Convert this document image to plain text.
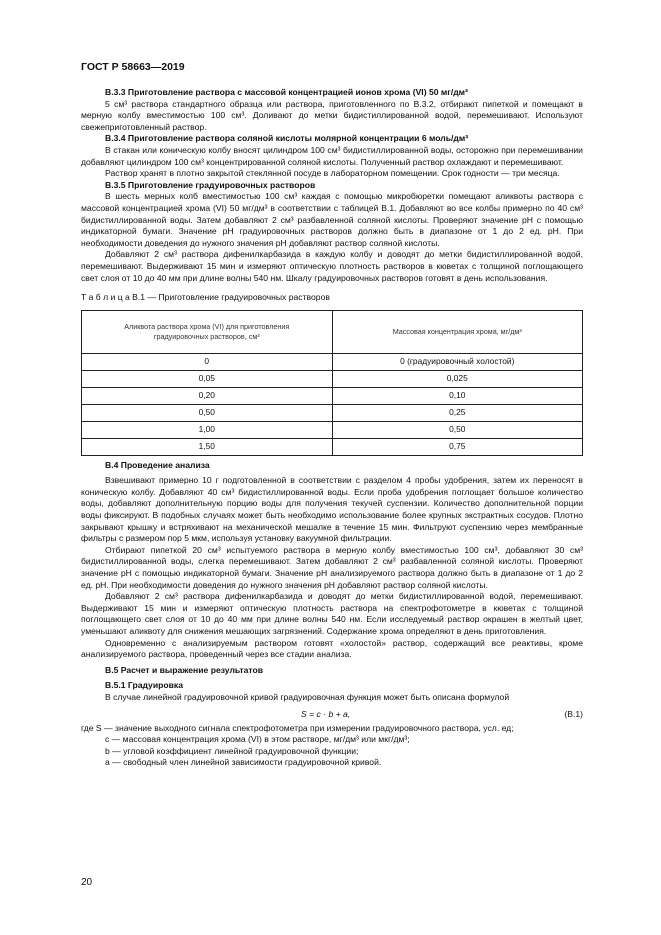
ГОСТ Р 58663—2019
B.3.3 Приготовление раствора с массовой концентрацией ионов хрома (VI) 50 мг/дм³
5 см³ раствора стандартного образца или раствора, приготовленного по В.3.2, отбирают пипеткой и помещают в мерную колбу вместимостью 100 см³. Доливают до метки бидистиллированной водой, перемешивают. Используют свежеприготовленный раствор.
B.3.4 Приготовление раствора соляной кислоты молярной концентрации 6 моль/дм³
В стакан или коническую колбу вносят цилиндром 100 см³ бидистиллированной воды, осторожно при перемешивании добавляют цилиндром 100 см³ концентрированной соляной кислоты. Полученный раствор охлаждают и перемешивают.
Раствор хранят в плотно закрытой стеклянной посуде в лабораторном помещении. Срок годности — три месяца.
B.3.5 Приготовление градуировочных растворов
В шесть мерных колб вместимостью 100 см³ каждая с помощью микробюретки помещают аликвоты раствора с массовой концентрацией хрома (VI) 50 мг/дм³ в соответствии с таблицей В.1. Добавляют во все колбы примерно по 40 см³ бидистиллированной воды. Затем добавляют 2 см³ разбавленной соляной кислоты. Проверяют значение pH с помощью индикаторной бумаги. Значение pH градуировочных растворов должно быть в диапазоне от 1 до 2 ед. pH. При необходимости доведения до нужного значения pH добавляют раствор соляной кислоты.
Добавляют 2 см³ раствора дифенилкарбазида в каждую колбу и доводят до метки бидистиллированной водой, перемешивают. Выдерживают 15 мин и измеряют оптическую плотность растворов в кюветах с толщиной поглощающего свет слоя от 10 до 40 мм при длине волны 540 нм. Шкалу градуировочных растворов готовят в день использования.
Т а б л и ц а В.1 — Приготовление градуировочных растворов
Аликвота раствора хрома (VI) для приготовления градуировочных растворов, см³	Массовая концентрация хрома, мг/дм³
0	0 (градуировочный холостой)
0,05	0,025
0,20	0,10
0,50	0,25
1,00	0,50
1,50	0,75
B.4 Проведение анализа
Взвешивают примерно 10 г подготовленной в соответствии с разделом 4 пробы удобрения, затем их переносят в коническую колбу. Добавляют 40 см³ бидистиллированной воды. Если проба удобрения поглощает большое количество воды, добавляют дополнительную порцию воды для получения текучей суспензии. Количество дополнительной порции воды фиксируют. В подобных случаях может быть необходимо использование более крупных экстрактных сосудов. Плотно закрывают крышку и встряхивают на механической мешалке в течение 15 мин. Фильтруют суспензию через мембранные фильтры с размером пор 5 мкм, используя установку вакуумной фильтрации.
Отбирают пипеткой 20 см³ испытуемого раствора в мерную колбу вместимостью 100 см³, добавляют 30 см³ бидистиллированной воды, слегка перемешивают. Затем добавляют 2 см³ разбавленной соляной кислоты. Проверяют значение pH с помощью индикаторной бумаги. Значение pH анализируемого раствора должно быть в диапазоне от 1 до 2 ед. pH. При необходимости доведения до нужного значения pH добавляют раствор соляной кислоты.
Добавляют 2 см³ раствора дифенилкарбазида и доводят до метки бидистиллированной водой, перемешивают. Выдерживают 15 мин и измеряют оптическую плотность раствора на спектрофотометре в кюветах с толщиной поглощающего свет слоя от 10 до 40 мм при длине волны 540 нм. Если исследуемый раствор окрашен в желтый цвет, уменьшают аликвоту для снижения мешающих загрязнений. Содержание хрома определяют в день приготовления.
Одновременно с анализируемым раствором готовят «холостой» раствор, содержащий все реактивы, кроме анализируемого раствора, проведенный через все стадии анализа.
B.5 Расчет и выражение результатов
B.5.1 Градуировка
В случае линейной градуировочной кривой градуировочная функция может быть описана формулой
S = c · b + a,	(B.1)
где S — значение выходного сигнала спектрофотометра при измерении градуировочного раствора, усл. ед;
c — массовая концентрация хрома (VI) в этом растворе, мг/дм³ или мкг/дм³;
b — угловой коэффициент линейной градуировочной функции;
a — свободный член линейной зависимости градуировочной кривой.
20
